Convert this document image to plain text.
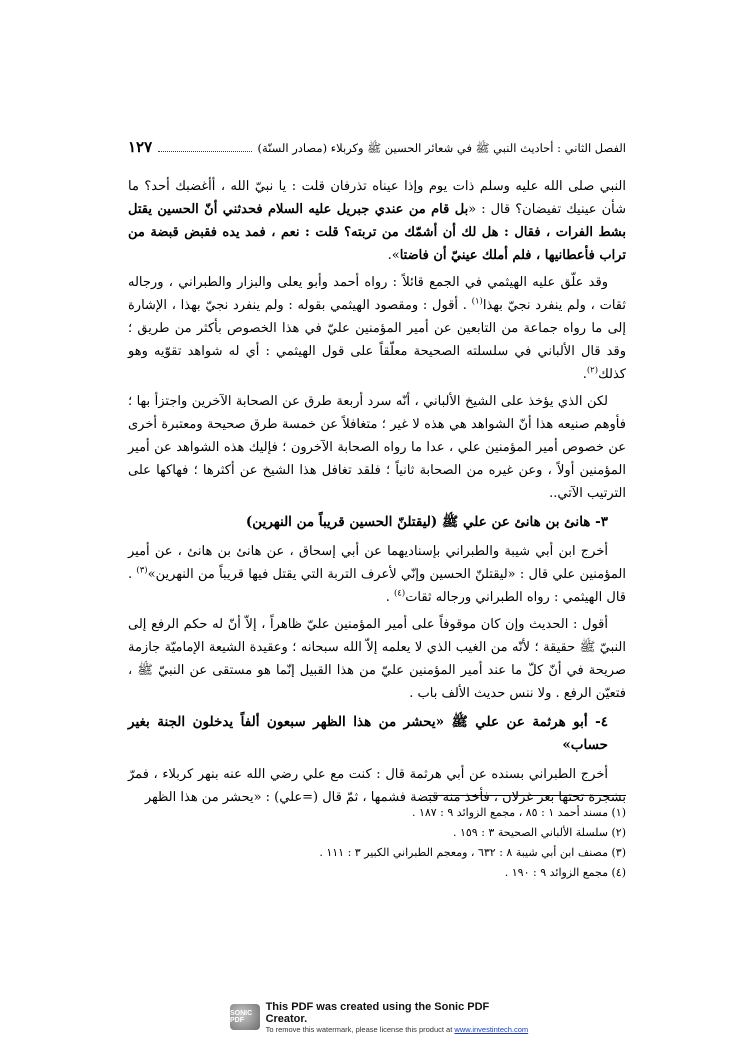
الفصل الثاني : أحاديث النبي ﷺ في شعائر الحسين ﷺ وكربلاء (مصادر السنّة)
١٢٧

النبي صلى الله عليه وسلم ذات يوم وإذا عيناه تذرفان قلت : يا نبيّ الله ، أأغضبك أحد؟ ما شأن عينيك تفيضان؟ قال : «بل قام من عندي جبريل عليه السلام فحدثني أنّ الحسين يقتل بشط الفرات ، فقال : هل لك أن أشمّك من تربته؟ قلت : نعم ، فمد يده فقبض قبضة من تراب فأعطانيها ، فلم أملك عينيّ أن فاضتا».

وقد علّق عليه الهيثمي في الجمع قائلاً : رواه أحمد وأبو يعلى والبزار والطبراني ، ورجاله ثقات ، ولم ينفرد نجيّ بهذا$^{(١)}$ . أقول : ومقصود الهيثمي بقوله : ولم ينفرد نجيّ بهذا ، الإشارة إلى ما رواه جماعة من التابعين عن أمير المؤمنين عليّ في هذا الخصوص بأكثر من طريق ؛ وقد قال الألباني في سلسلته الصحيحة معلّقاً على قول الهيثمي : أي له شواهد تقوّيه وهو كذلك$^{(٢)}$.

لكن الذي يؤخذ على الشيخ الألباني ، أنّه سرد أربعة طرق عن الصحابة الآخرين واجتزأ بها ؛ فأوهم صنيعه هذا أنّ الشواهد هي هذه لا غير ؛ متغافلاً عن خمسة طرق صحيحة ومعتبرة أخرى عن خصوص أمير المؤمنين علي ، عدا ما رواه الصحابة الآخرون ؛ فإليك هذه الشواهد عن أمير المؤمنين أولاً ، وعن غيره من الصحابة ثانياً ؛ فلقد تغافل هذا الشيخ عن أكثرها ؛ فهاكها على الترتيب الآتي..

٣- هانئ بن هانئ عن علي ﷺ (ليقتلنّ الحسين قريباً من النهرين)

أخرج ابن أبي شيبة والطبراني بإسناديهما عن أبي إسحاق ، عن هانئ بن هانئ ، عن أمير المؤمنين علي قال : «ليقتلنّ الحسين وإنّي لأعرف التربة التي يقتل فيها قريباً من النهرين»$^{(٣)}$ . قال الهيثمي : رواه الطبراني ورجاله ثقات$^{(٤)}$ .

أقول : الحديث وإن كان موقوفاً على أمير المؤمنين عليّ ظاهراً ، إلاّ أنّ له حكم الرفع إلى النبيّ ﷺ حقيقة ؛ لأنّه من الغيب الذي لا يعلمه إلاّ الله سبحانه ؛ وعقيدة الشيعة الإماميّة جازمة صريحة في أنّ كلّ ما عند أمير المؤمنين عليّ من هذا القبيل إنّما هو مستقى عن النبيّ ﷺ ، فتعيّن الرفع . ولا ننس حديث الألف باب .

٤- أبو هرثمة عن علي ﷺ «يحشر من هذا الظهر سبعون ألفاً يدخلون الجنة بغير حساب»

أخرج الطبراني بسنده عن أبي هرثمة قال : كنت مع علي رضي الله عنه بنهر كربلاء ، فمرّ بشجرة تحتها بعر غزلان ، فأخذ منه قبضة فشمها ، ثمّ قال (=علي) : «يحشر من هذا الظهر

(١) مسند أحمد ١ : ٨٥ ، مجمع الزوائد ٩ : ١٨٧ .

(٢) سلسلة الألباني الصحيحة ٣ : ١٥٩ .

(٣) مصنف ابن أبي شيبة ٨ : ٦٣٢ ، ومعجم الطبراني الكبير ٣ : ١١١ .

(٤) مجمع الزوائد ٩ : ١٩٠ .

SONIC PDF
This PDF was created using the Sonic PDF Creator.
To remove this watermark, please license this product at www.investintech.com
